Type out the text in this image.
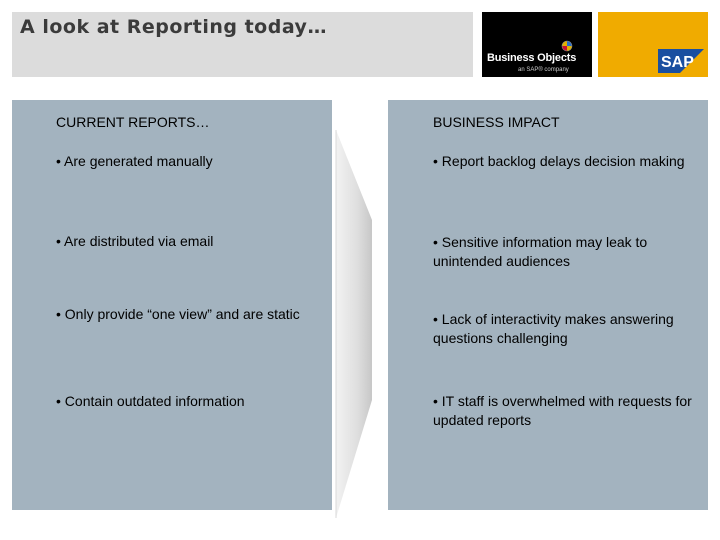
A look at Reporting today…
Business Objects
an SAP® company	SAP
CURRENT REPORTS…
• Are generated manually
• Are distributed via email
• Only provide “one view” and are static
• Contain outdated information
BUSINESS IMPACT
• Report backlog delays decision making
• Sensitive information may leak to unintended audiences
• Lack of interactivity makes answering questions challenging
• IT staff is overwhelmed with requests for updated reports
